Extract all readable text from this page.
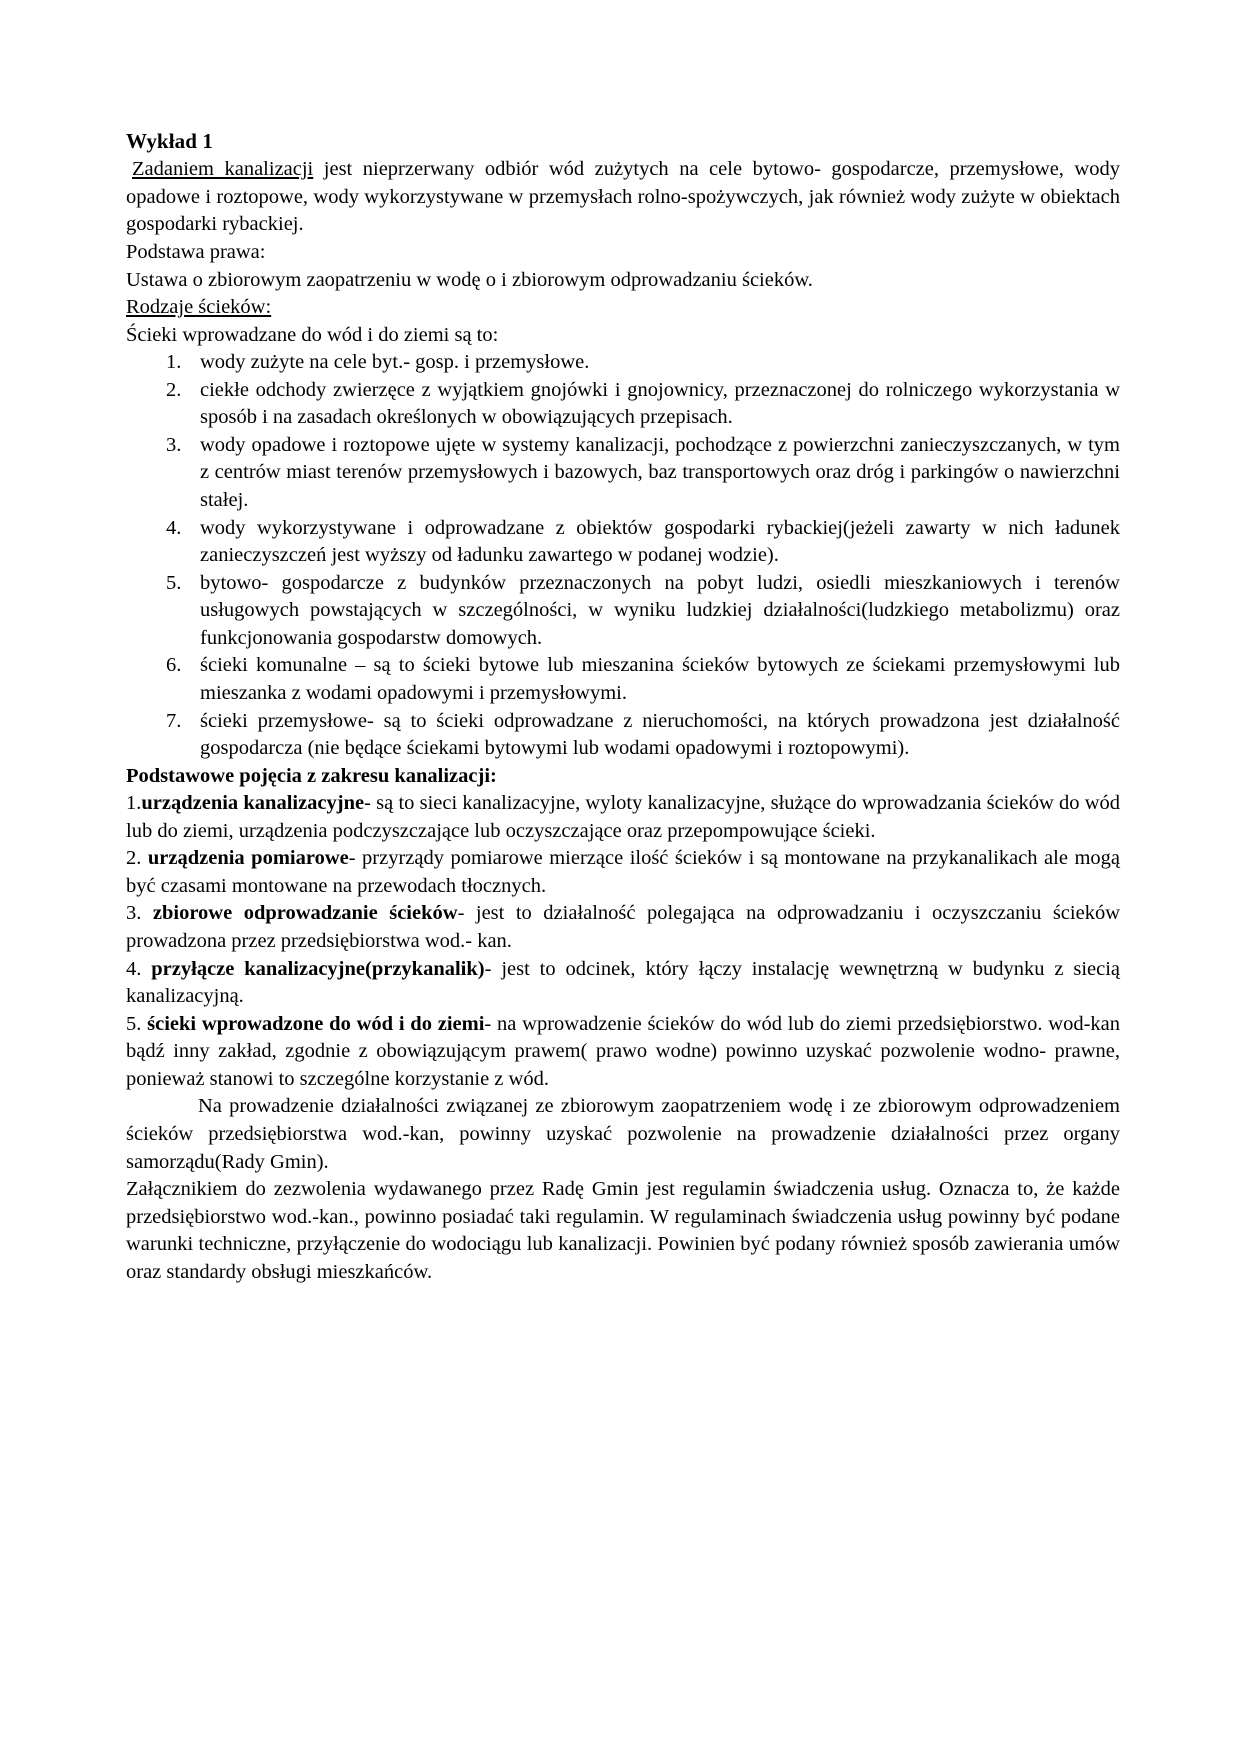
Wykład 1

Zadaniem kanalizacji jest nieprzerwany odbiór wód zużytych na cele bytowo- gospodarcze, przemysłowe, wody opadowe i roztopowe, wody wykorzystywane w przemysłach rolno-spożywczych, jak również wody zużyte w obiektach gospodarki rybackiej.

Podstawa prawa:

Ustawa o zbiorowym zaopatrzeniu w wodę o i zbiorowym odprowadzaniu ścieków.

Rodzaje ścieków:

Ścieki wprowadzane do wód i do ziemi są to:

wody zużyte na cele byt.- gosp. i przemysłowe.
ciekłe odchody zwierzęce z wyjątkiem gnojówki i gnojownicy, przeznaczonej do rolniczego wykorzystania w sposób i na zasadach określonych w obowiązujących przepisach.
wody opadowe i roztopowe ujęte w systemy kanalizacji, pochodzące z powierzchni zanieczyszczanych, w tym z centrów miast terenów przemysłowych i bazowych, baz transportowych oraz dróg i parkingów o nawierzchni stałej.
wody wykorzystywane i odprowadzane z obiektów gospodarki rybackiej(jeżeli zawarty w nich ładunek zanieczyszczeń jest wyższy od ładunku zawartego w podanej wodzie).
bytowo- gospodarcze z budynków przeznaczonych na pobyt ludzi, osiedli mieszkaniowych i terenów usługowych powstających w szczególności, w wyniku ludzkiej działalności(ludzkiego metabolizmu) oraz funkcjonowania gospodarstw domowych.
ścieki komunalne – są to ścieki bytowe lub mieszanina ścieków bytowych ze ściekami przemysłowymi lub mieszanka z wodami opadowymi i przemysłowymi.
ścieki przemysłowe- są to ścieki odprowadzane z nieruchomości, na których prowadzona jest działalność gospodarcza (nie będące ściekami bytowymi lub wodami opadowymi i roztopowymi).
Podstawowe pojęcia z zakresu kanalizacji:

1.urządzenia kanalizacyjne- są to sieci kanalizacyjne, wyloty kanalizacyjne, służące do wprowadzania ścieków do wód lub do ziemi, urządzenia podczyszczające lub oczyszczające oraz przepompowujące ścieki.

2. urządzenia pomiarowe- przyrządy pomiarowe mierzące ilość ścieków i są montowane na przykanalikach ale mogą być czasami montowane na przewodach tłocznych.

3. zbiorowe odprowadzanie ścieków- jest to działalność polegająca na odprowadzaniu i oczyszczaniu ścieków prowadzona przez przedsiębiorstwa wod.- kan.

4. przyłącze kanalizacyjne(przykanalik)- jest to odcinek, który łączy instalację wewnętrzną w budynku z siecią kanalizacyjną.

5. ścieki wprowadzone do wód i do ziemi- na wprowadzenie ścieków do wód lub do ziemi przedsiębiorstwo. wod-kan bądź inny zakład, zgodnie z obowiązującym prawem( prawo wodne) powinno uzyskać pozwolenie wodno- prawne, ponieważ stanowi to szczególne korzystanie z wód.

Na prowadzenie działalności związanej ze zbiorowym zaopatrzeniem wodę i ze zbiorowym odprowadzeniem ścieków przedsiębiorstwa wod.-kan, powinny uzyskać pozwolenie na prowadzenie działalności przez organy samorządu(Rady Gmin).

Załącznikiem do zezwolenia wydawanego przez Radę Gmin jest regulamin świadczenia usług. Oznacza to, że każde przedsiębiorstwo wod.-kan., powinno posiadać taki regulamin. W regulaminach świadczenia usług powinny być podane warunki techniczne, przyłączenie do wodociągu lub kanalizacji. Powinien być podany również sposób zawierania umów oraz standardy obsługi mieszkańców.
